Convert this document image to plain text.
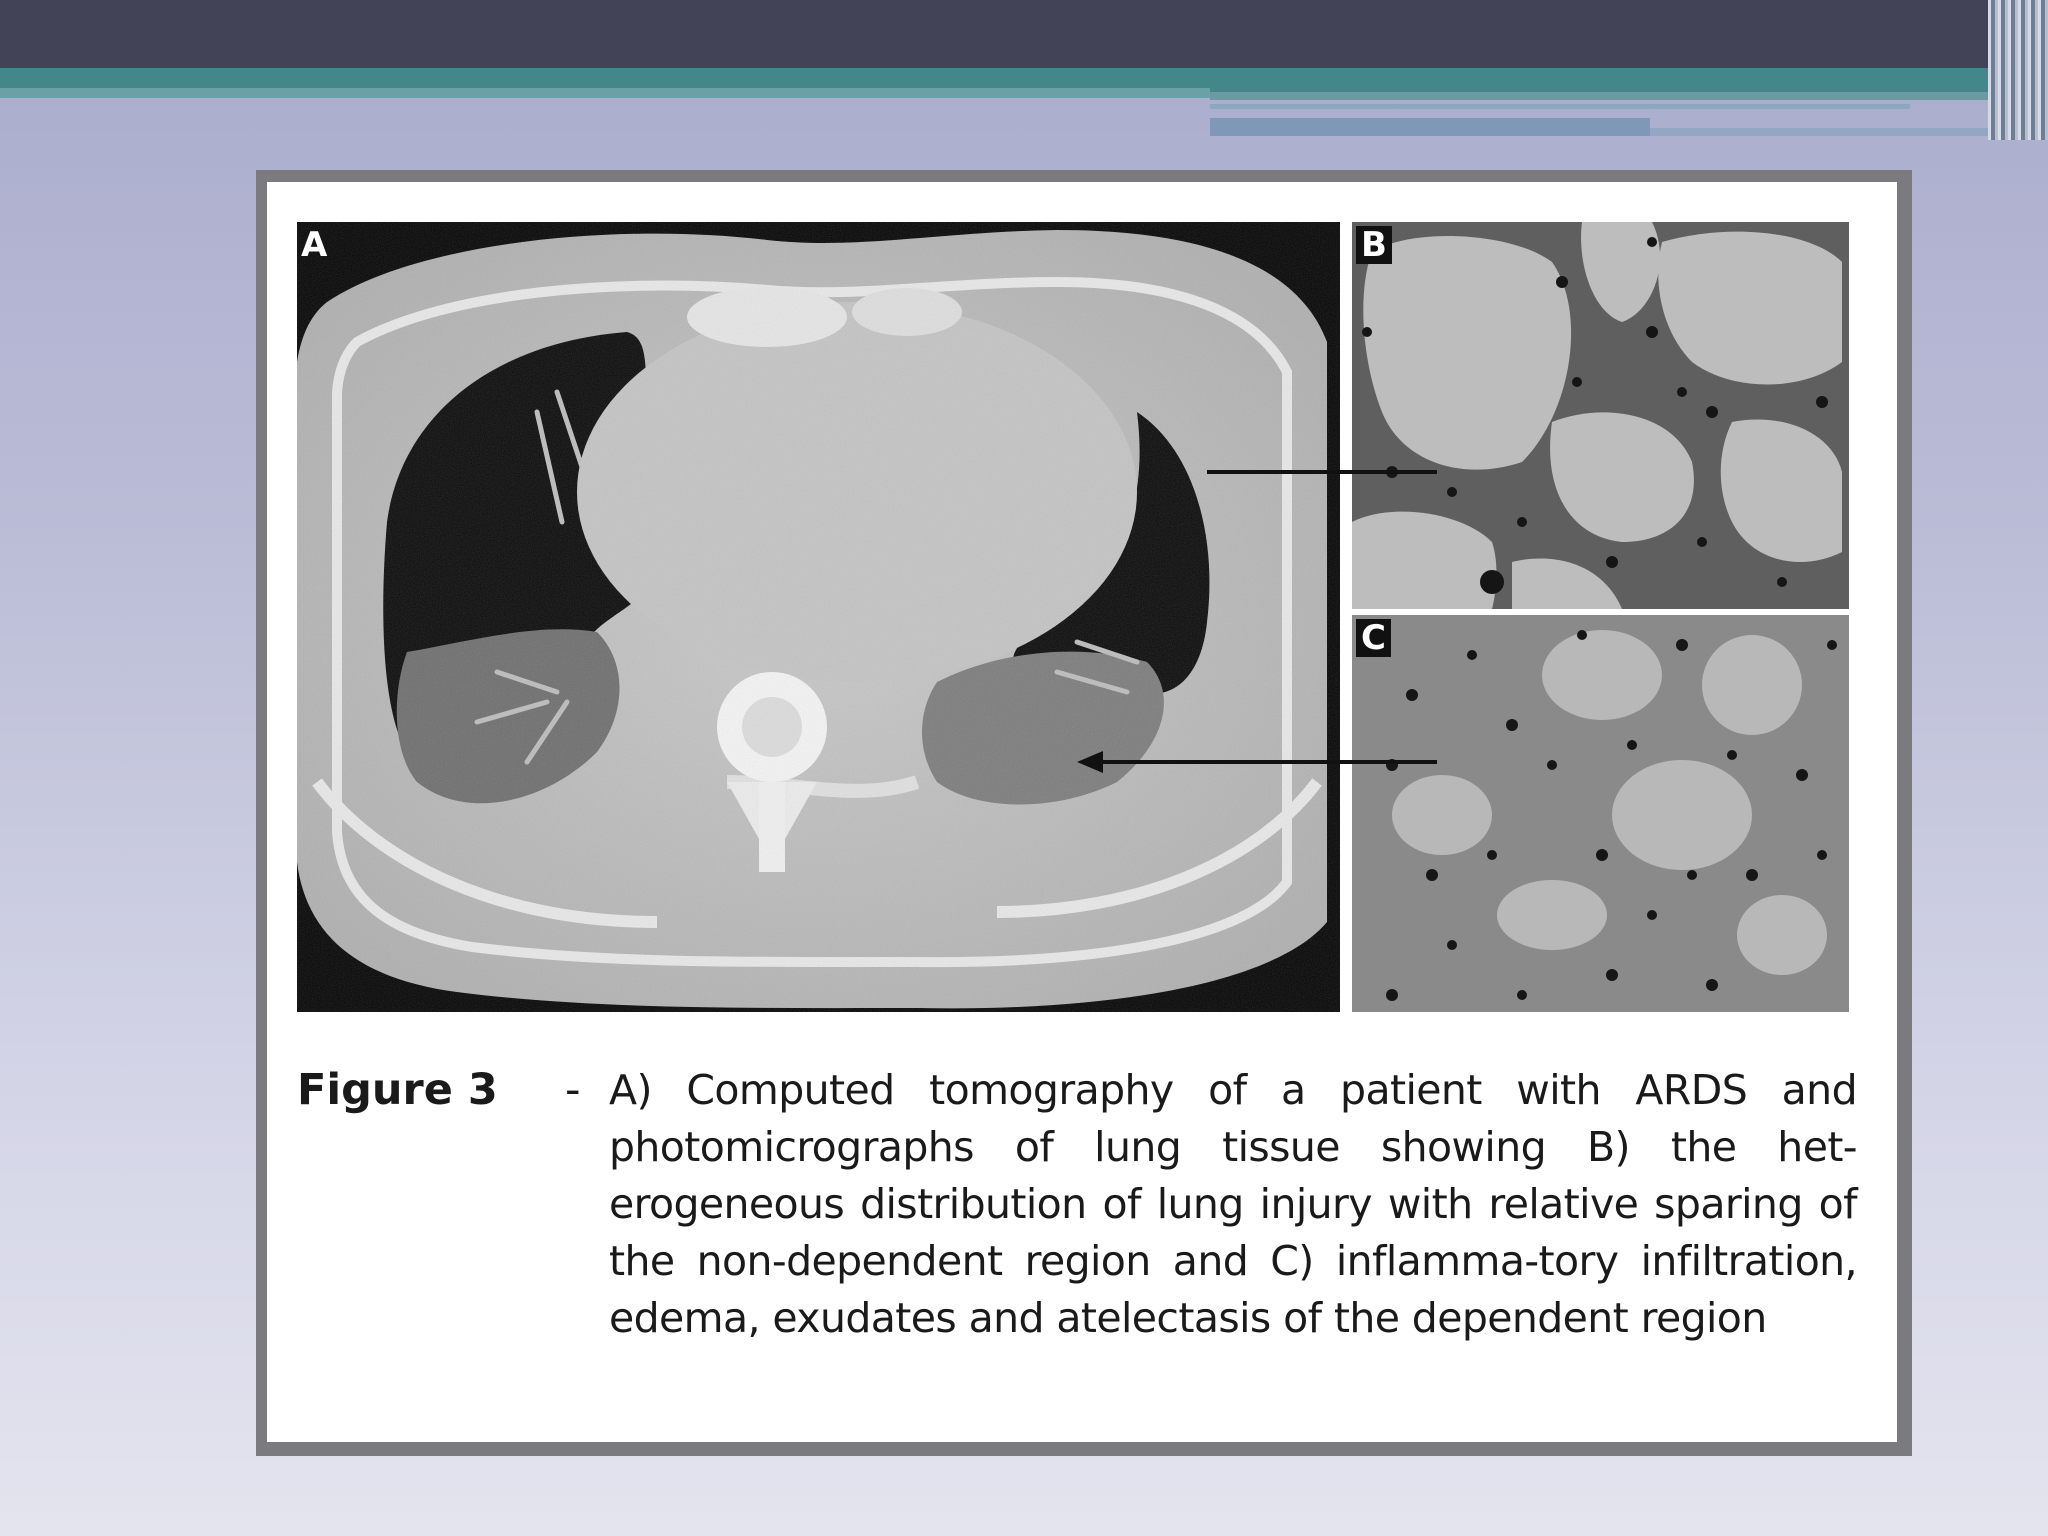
A	B
C
Figure 3 - A) Computed tomography of a patient with ARDS and photomicrographs of lung tissue showing B) the het-erogeneous distribution of lung injury with relative sparing of the non-dependent region and C) inflamma-tory infiltration, edema, exudates and atelectasis of the dependent region
